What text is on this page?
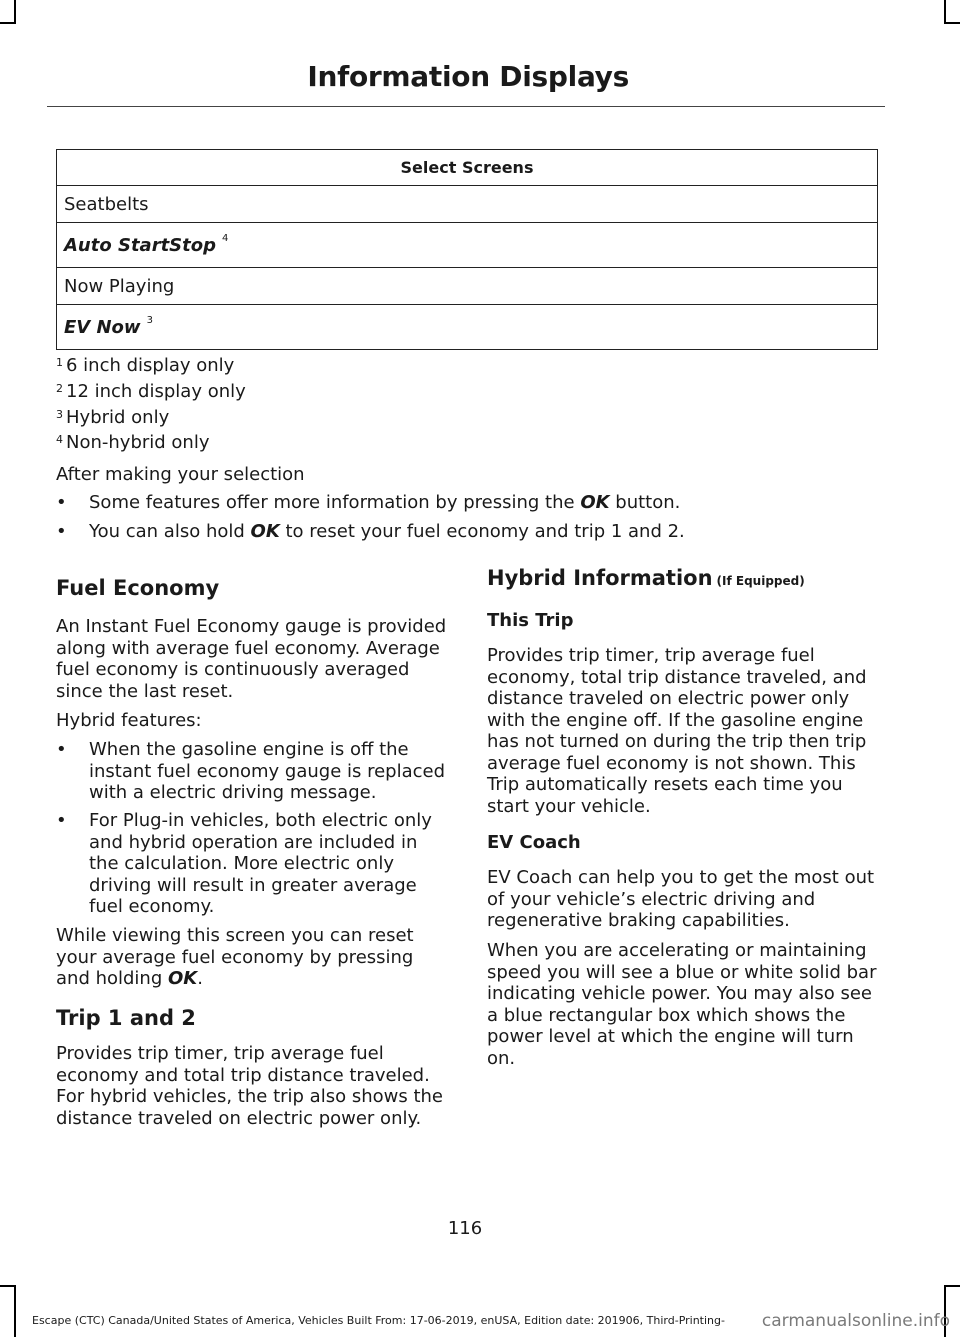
Information Displays
Select Screens
Seatbelts
Auto StartStop $^4$
Now Playing
EV Now $^3$
$^1$ 6 inch display only
$^2$ 12 inch display only
$^3$ Hybrid only
$^4$ Non-hybrid only
After making your selection
• Some features offer more information by pressing the OK button.
• You can also hold OK to reset your fuel economy and trip 1 and 2.
Fuel Economy
An Instant Fuel Economy gauge is provided along with average fuel economy. Average fuel economy is continuously averaged since the last reset.
Hybrid features:
• When the gasoline engine is off the instant fuel economy gauge is replaced with a electric driving message.
• For Plug-in vehicles, both electric only and hybrid operation are included in the calculation. More electric only driving will result in greater average fuel economy.
While viewing this screen you can reset your average fuel economy by pressing and holding OK.
Trip 1 and 2
Provides trip timer, trip average fuel economy and total trip distance traveled. For hybrid vehicles, the trip also shows the distance traveled on electric power only.
Hybrid Information (If Equipped)
This Trip
Provides trip timer, trip average fuel economy, total trip distance traveled, and distance traveled on electric power only with the engine off. If the gasoline engine has not turned on during the trip then trip average fuel economy is not shown. This Trip automatically resets each time you start your vehicle.
EV Coach
EV Coach can help you to get the most out of your vehicle’s electric driving and regenerative braking capabilities.
When you are accelerating or maintaining speed you will see a blue or white solid bar indicating vehicle power. You may also see a blue rectangular box which shows the power level at which the engine will turn on.
116
Escape (CTC) Canada/United States of America, Vehicles Built From: 17-06-2019, enUSA, Edition date: 201906, Third-Printing-	carmanualsonline.info
